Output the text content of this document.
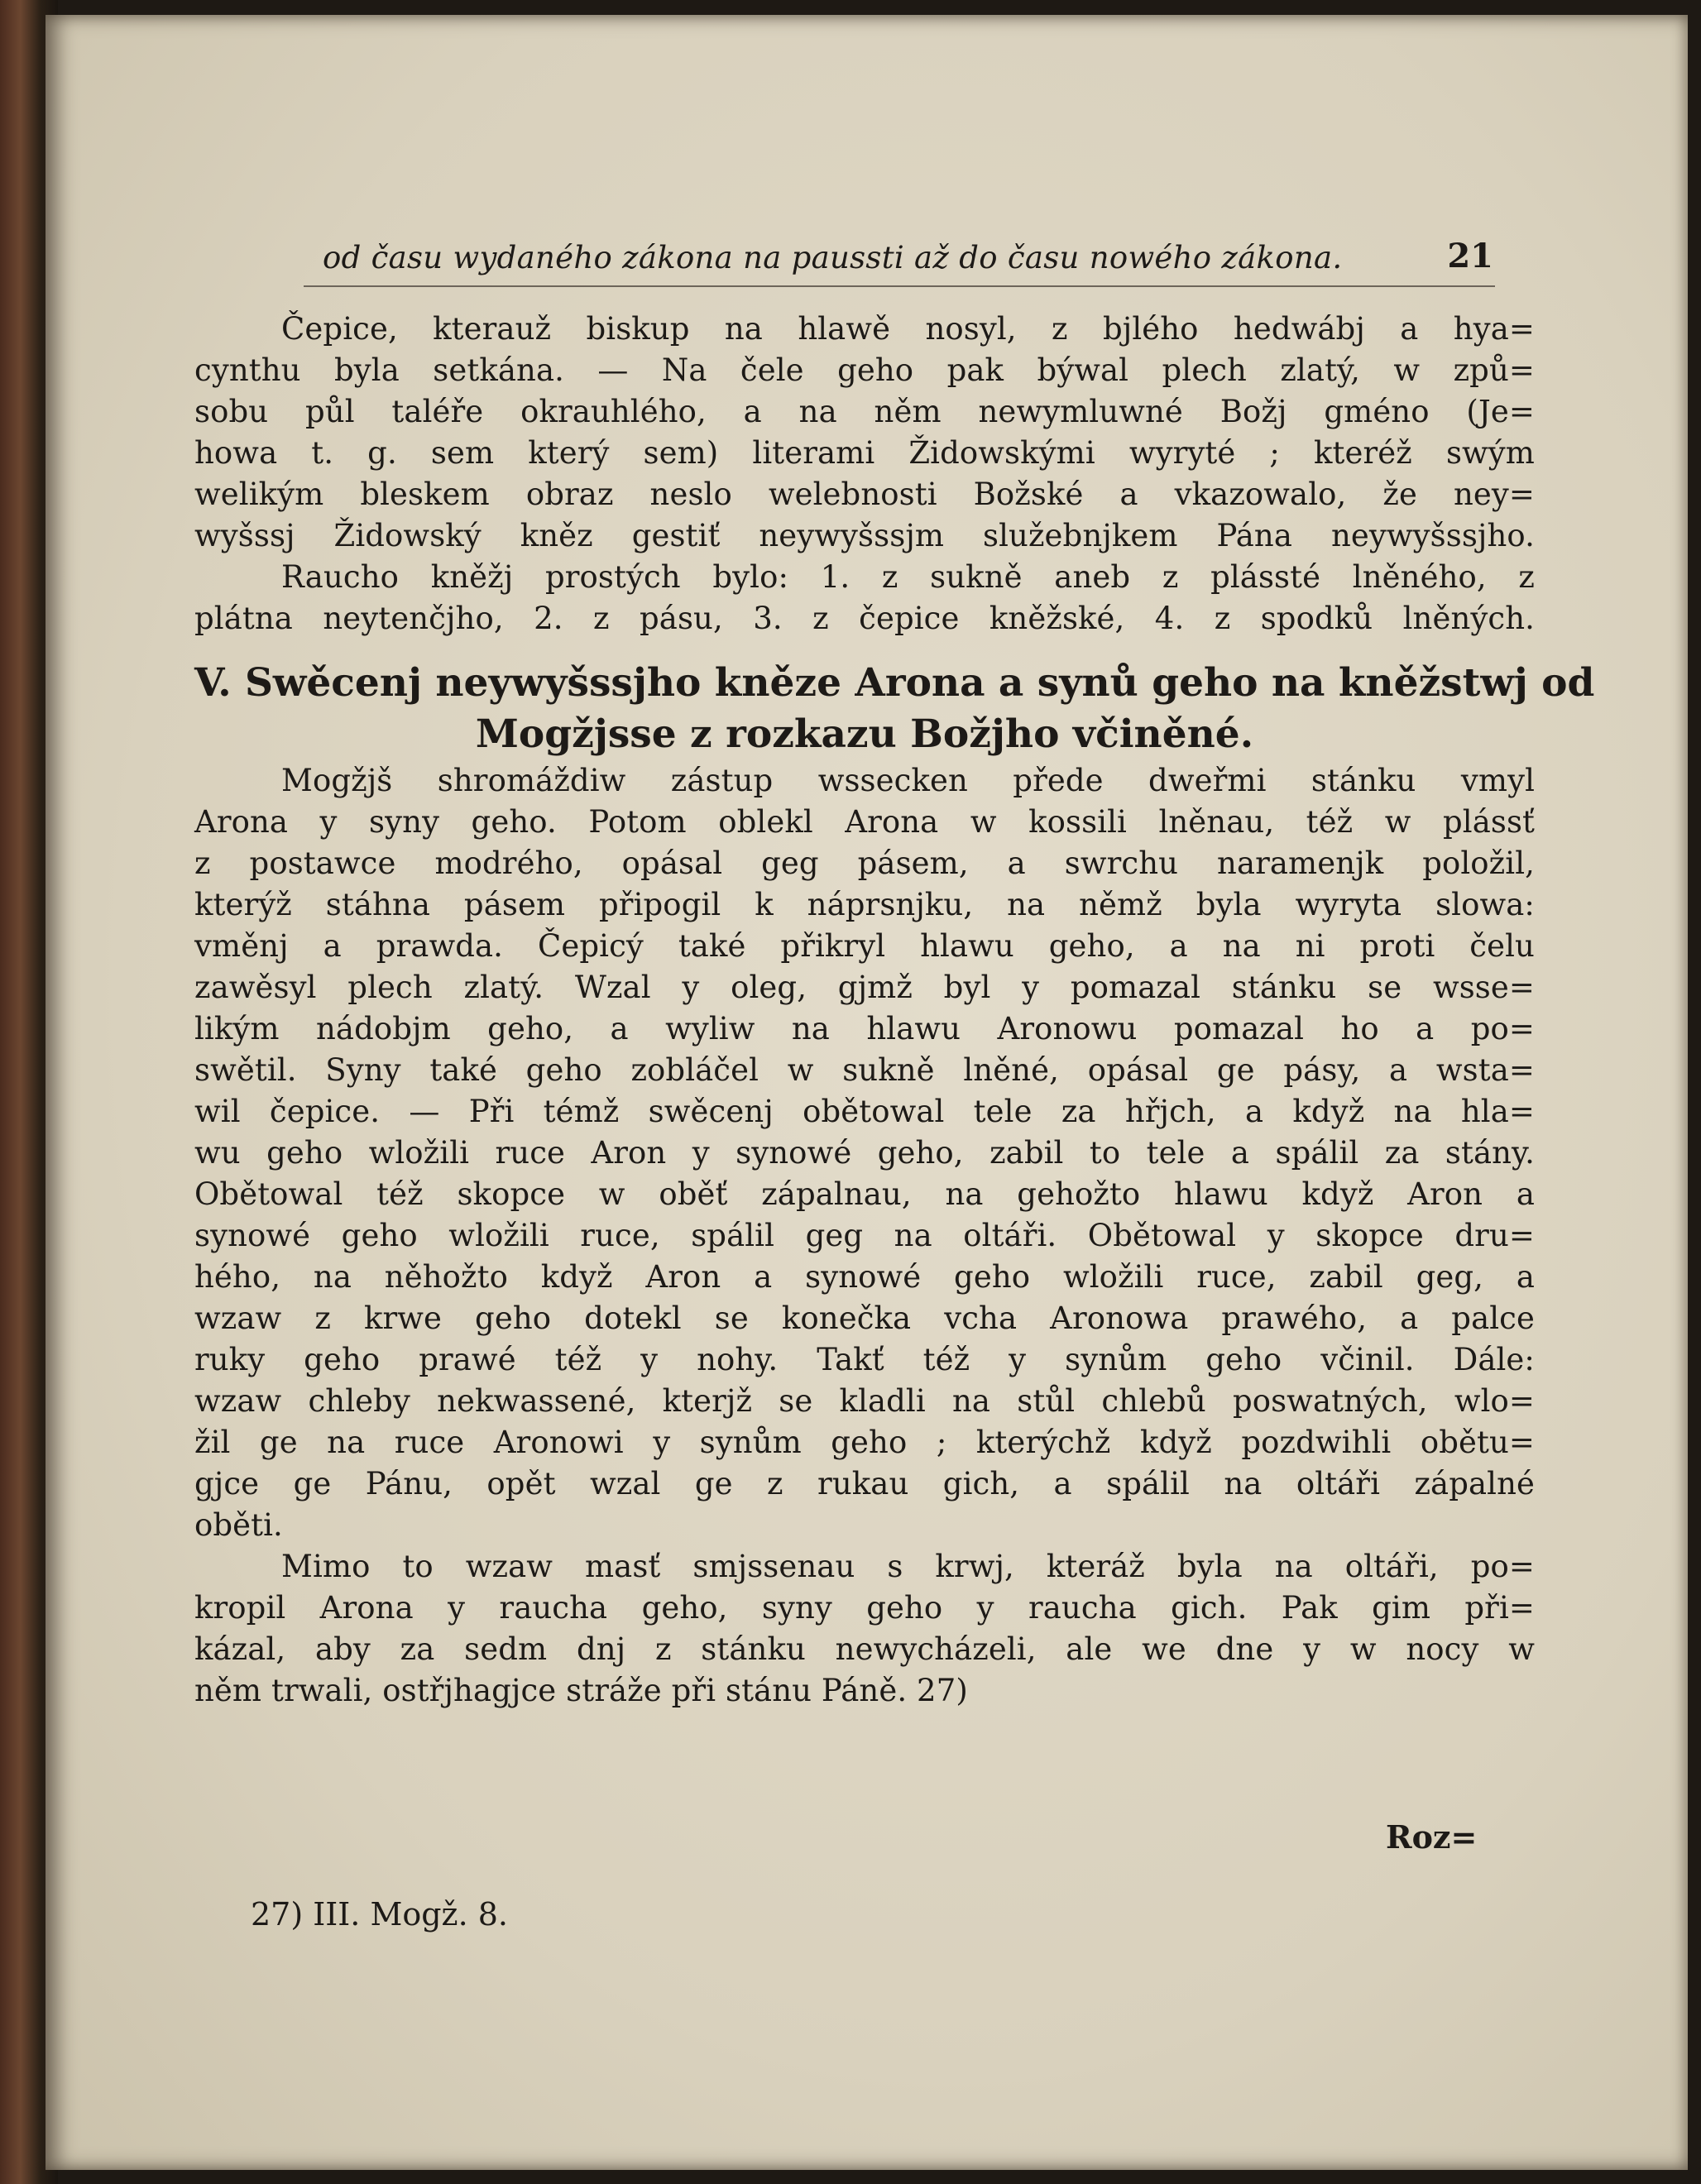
od času wydaného zákona na paussti až do času nowého zákona.	21
Čepice, kterauž biskup na hlawě nosyl, z bjlého hedwábj a hya=
cynthu byla setkána. — Na čele geho pak býwal plech zlatý, w způ=
sobu půl taléře okrauhlého, a na něm newymluwné Božj gméno (Je=
howa t. g. sem který sem) literami Židowskými wyryté ; kteréž swým
welikým bleskem obraz neslo welebnosti Božské a vkazowalo, že ney=
wyšssj Židowský kněz gestiť neywyšssjm služebnjkem Pána neywyšssjho.
Raucho kněžj prostých bylo: 1. z sukně aneb z plássté lněného, z
plátna neytenčjho, 2. z pásu, 3. z čepice kněžské, 4. z spodků lněných.
V. Swěcenj neywyšssjho kněze Arona a synů geho na kněžstwj od
Mogžjsse z rozkazu Božjho včiněné.
Mogžjš shromáždiw zástup wssecken přede dweřmi stánku vmyl
Arona y syny geho. Potom oblekl Arona w kossili lněnau, též w plássť
z postawce modrého, opásal geg pásem, a swrchu naramenjk položil,
kterýž stáhna pásem připogil k náprsnjku, na němž byla wyryta slowa:
vměnj a prawda. Čepicý také přikryl hlawu geho, a na ni proti čelu
zawěsyl plech zlatý. Wzal y oleg, gjmž byl y pomazal stánku se wsse=
likým nádobjm geho, a wyliw na hlawu Aronowu pomazal ho a po=
swětil. Syny také geho zobláčel w sukně lněné, opásal ge pásy, a wsta=
wil čepice. — Při témž swěcenj obětowal tele za hřjch, a když na hla=
wu geho wložili ruce Aron y synowé geho, zabil to tele a spálil za stány.
Obětowal též skopce w oběť zápalnau, na gehožto hlawu když Aron a
synowé geho wložili ruce, spálil geg na oltáři. Obětowal y skopce dru=
hého, na něhožto když Aron a synowé geho wložili ruce, zabil geg, a
wzaw z krwe geho dotekl se konečka vcha Aronowa prawého, a palce
ruky geho prawé též y nohy. Takť též y synům geho včinil. Dále:
wzaw chleby nekwassené, kterjž se kladli na stůl chlebů poswatných, wlo=
žil ge na ruce Aronowi y synům geho ; kterýchž když pozdwihli obětu=
gjce ge Pánu, opět wzal ge z rukau gich, a spálil na oltáři zápalné
oběti.
Mimo to wzaw masť smjssenau s krwj, kteráž byla na oltáři, po=
kropil Arona y raucha geho, syny geho y raucha gich. Pak gim při=
kázal, aby za sedm dnj z stánku newycházeli, ale we dne y w nocy w
něm trwali, ostřjhagjce stráže při stánu Páně. 27)
Roz=
27) III. Mogž. 8.
